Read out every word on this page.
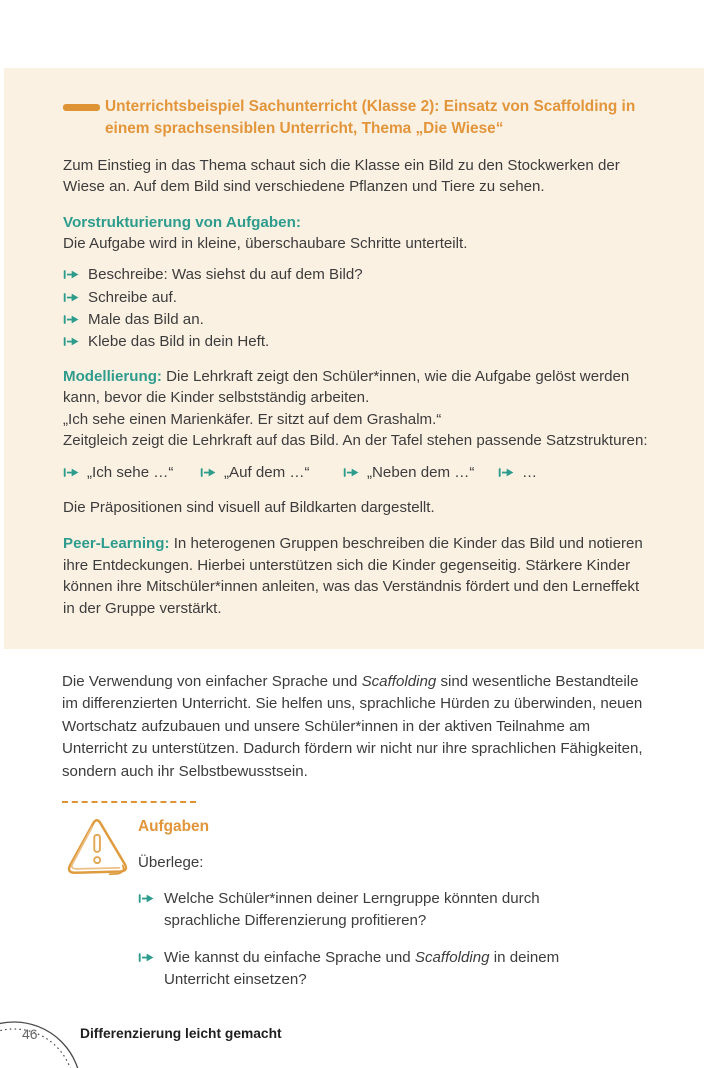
Unterrichtsbeispiel Sachunterricht (Klasse 2): Einsatz von Scaffolding in einem sprachsensiblen Unterricht, Thema „Die Wiese“
Zum Einstieg in das Thema schaut sich die Klasse ein Bild zu den Stockwerken der Wiese an. Auf dem Bild sind verschiedene Pflanzen und Tiere zu sehen.
Vorstrukturierung von Aufgaben:
Die Aufgabe wird in kleine, überschaubare Schritte unterteilt.
Beschreibe: Was siehst du auf dem Bild?
Schreibe auf.
Male das Bild an.
Klebe das Bild in dein Heft.
Modellierung: Die Lehrkraft zeigt den Schüler*innen, wie die Aufgabe gelöst werden kann, bevor die Kinder selbstständig arbeiten.
„Ich sehe einen Marienkäfer. Er sitzt auf dem Grashalm.“
Zeitgleich zeigt die Lehrkraft auf das Bild. An der Tafel stehen passende Satzstrukturen:
„Ich sehe …“	„Auf dem …“	„Neben dem …“	…
Die Präpositionen sind visuell auf Bildkarten dargestellt.
Peer-Learning: In heterogenen Gruppen beschreiben die Kinder das Bild und notieren ihre Entdeckungen. Hierbei unterstützen sich die Kinder gegenseitig. Stärkere Kinder können ihre Mitschüler*innen anleiten, was das Verständnis fördert und den Lerneffekt in der Gruppe verstärkt.
Die Verwendung von einfacher Sprache und Scaffolding sind wesentliche Bestandteile im differenzierten Unterricht. Sie helfen uns, sprachliche Hürden zu überwinden, neuen Wortschatz aufzubauen und unsere Schüler*innen in der aktiven Teilnahme am Unterricht zu unterstützen. Dadurch fördern wir nicht nur ihre sprachlichen Fähigkeiten, sondern auch ihr Selbstbewusstsein.
Aufgaben
Überlege:
Welche Schüler*innen deiner Lerngruppe könnten durch sprachliche Differenzierung profitieren?
Wie kannst du einfache Sprache und Scaffolding in deinem Unterricht einsetzen?
46	Differenzierung leicht gemacht
